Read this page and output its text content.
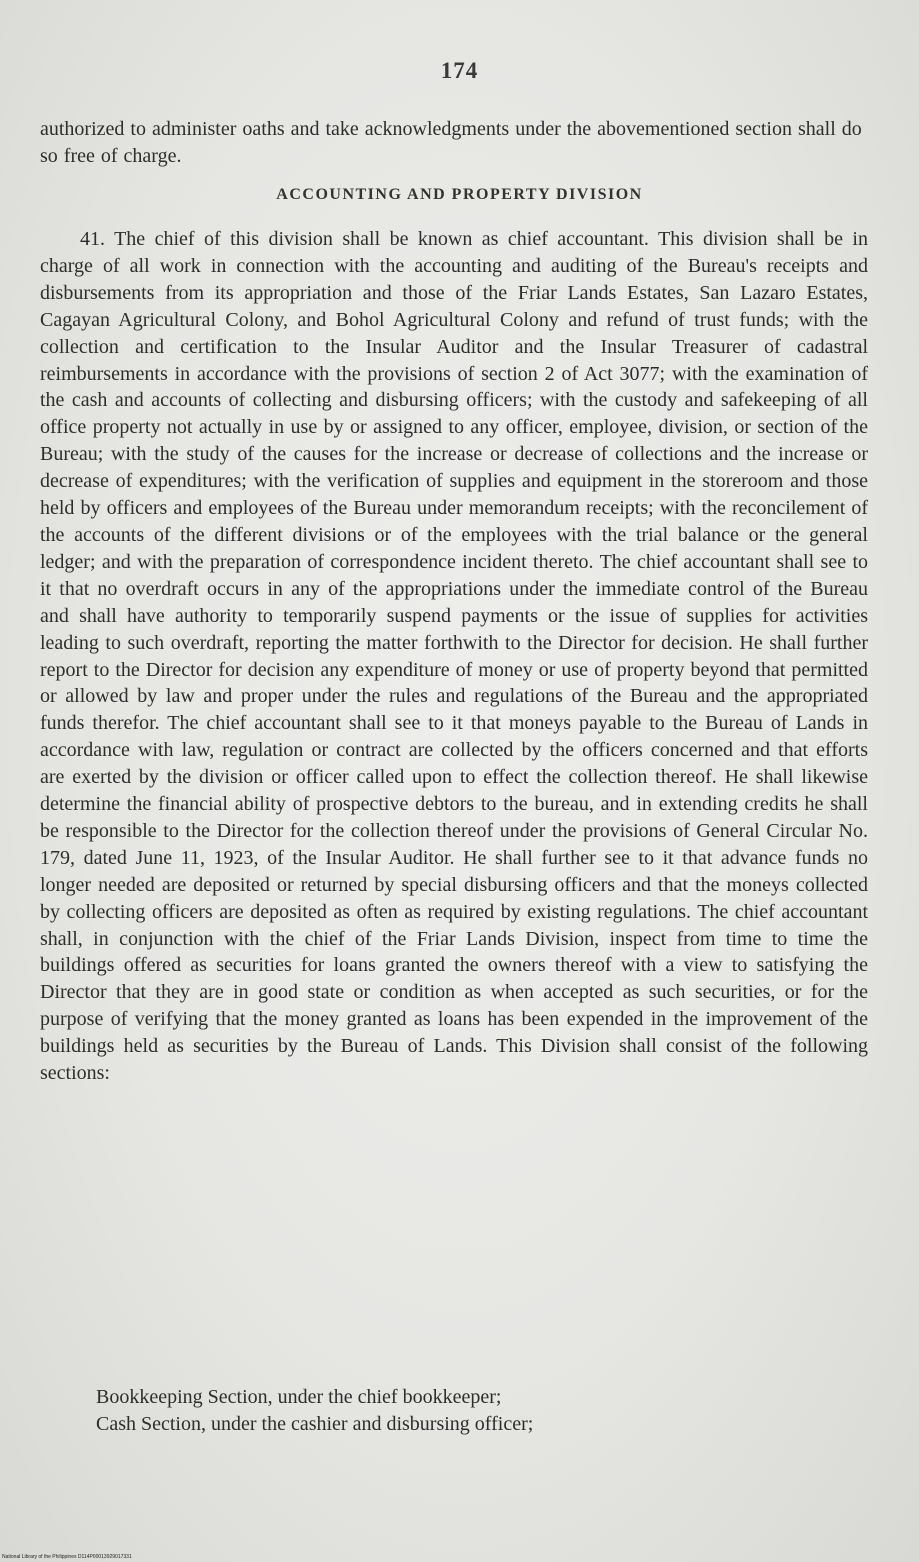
174
authorized to administer oaths and take acknowledgments under the abovementioned section shall do so free of charge.
ACCOUNTING AND PROPERTY DIVISION

41. The chief of this division shall be known as chief accountant. This division shall be in charge of all work in connection with the accounting and auditing of the Bureau's receipts and disbursements from its appropriation and those of the Friar Lands Estates, San Lazaro Estates, Cagayan Agricultural Colony, and Bohol Agricultural Colony and refund of trust funds; with the collection and certification to the Insular Auditor and the Insular Treasurer of cadastral reimbursements in accordance with the provisions of section 2 of Act 3077; with the examination of the cash and accounts of collecting and disbursing officers; with the custody and safekeeping of all office property not actually in use by or assigned to any officer, employee, division, or section of the Bureau; with the study of the causes for the increase or decrease of collections and the increase or decrease of expenditures; with the verification of supplies and equipment in the storeroom and those held by officers and employees of the Bureau under memorandum receipts; with the reconcilement of the accounts of the different divisions or of the employees with the trial balance or the general ledger; and with the preparation of correspondence incident thereto. The chief accountant shall see to it that no overdraft occurs in any of the appropriations under the immediate control of the Bureau and shall have authority to temporarily suspend payments or the issue of supplies for activities leading to such overdraft, reporting the matter forthwith to the Director for decision. He shall further report to the Director for decision any expenditure of money or use of property beyond that permitted or allowed by law and proper under the rules and regulations of the Bureau and the appropriated funds therefor. The chief accountant shall see to it that moneys payable to the Bureau of Lands in accordance with law, regulation or contract are collected by the officers concerned and that efforts are exerted by the division or officer called upon to effect the collection thereof. He shall likewise determine the financial ability of prospective debtors to the bureau, and in extending credits he shall be responsible to the Director for the collection thereof under the provisions of General Circular No. 179, dated June 11, 1923, of the Insular Auditor. He shall further see to it that advance funds no longer needed are deposited or returned by special disbursing officers and that the moneys collected by collecting officers are deposited as often as required by existing regulations. The chief accountant shall, in conjunction with the chief of the Friar Lands Division, inspect from time to time the buildings offered as securities for loans granted the owners thereof with a view to satisfying the Director that they are in good state or condition as when accepted as such securities, or for the purpose of verifying that the money granted as loans has been expended in the improvement of the buildings held as securities by the Bureau of Lands. This Division shall consist of the following sections:

Bookkeeping Section, under the chief bookkeeper;
Cash Section, under the cashier and disbursing officer;
National Library of the Philippines D114P00013929017331
